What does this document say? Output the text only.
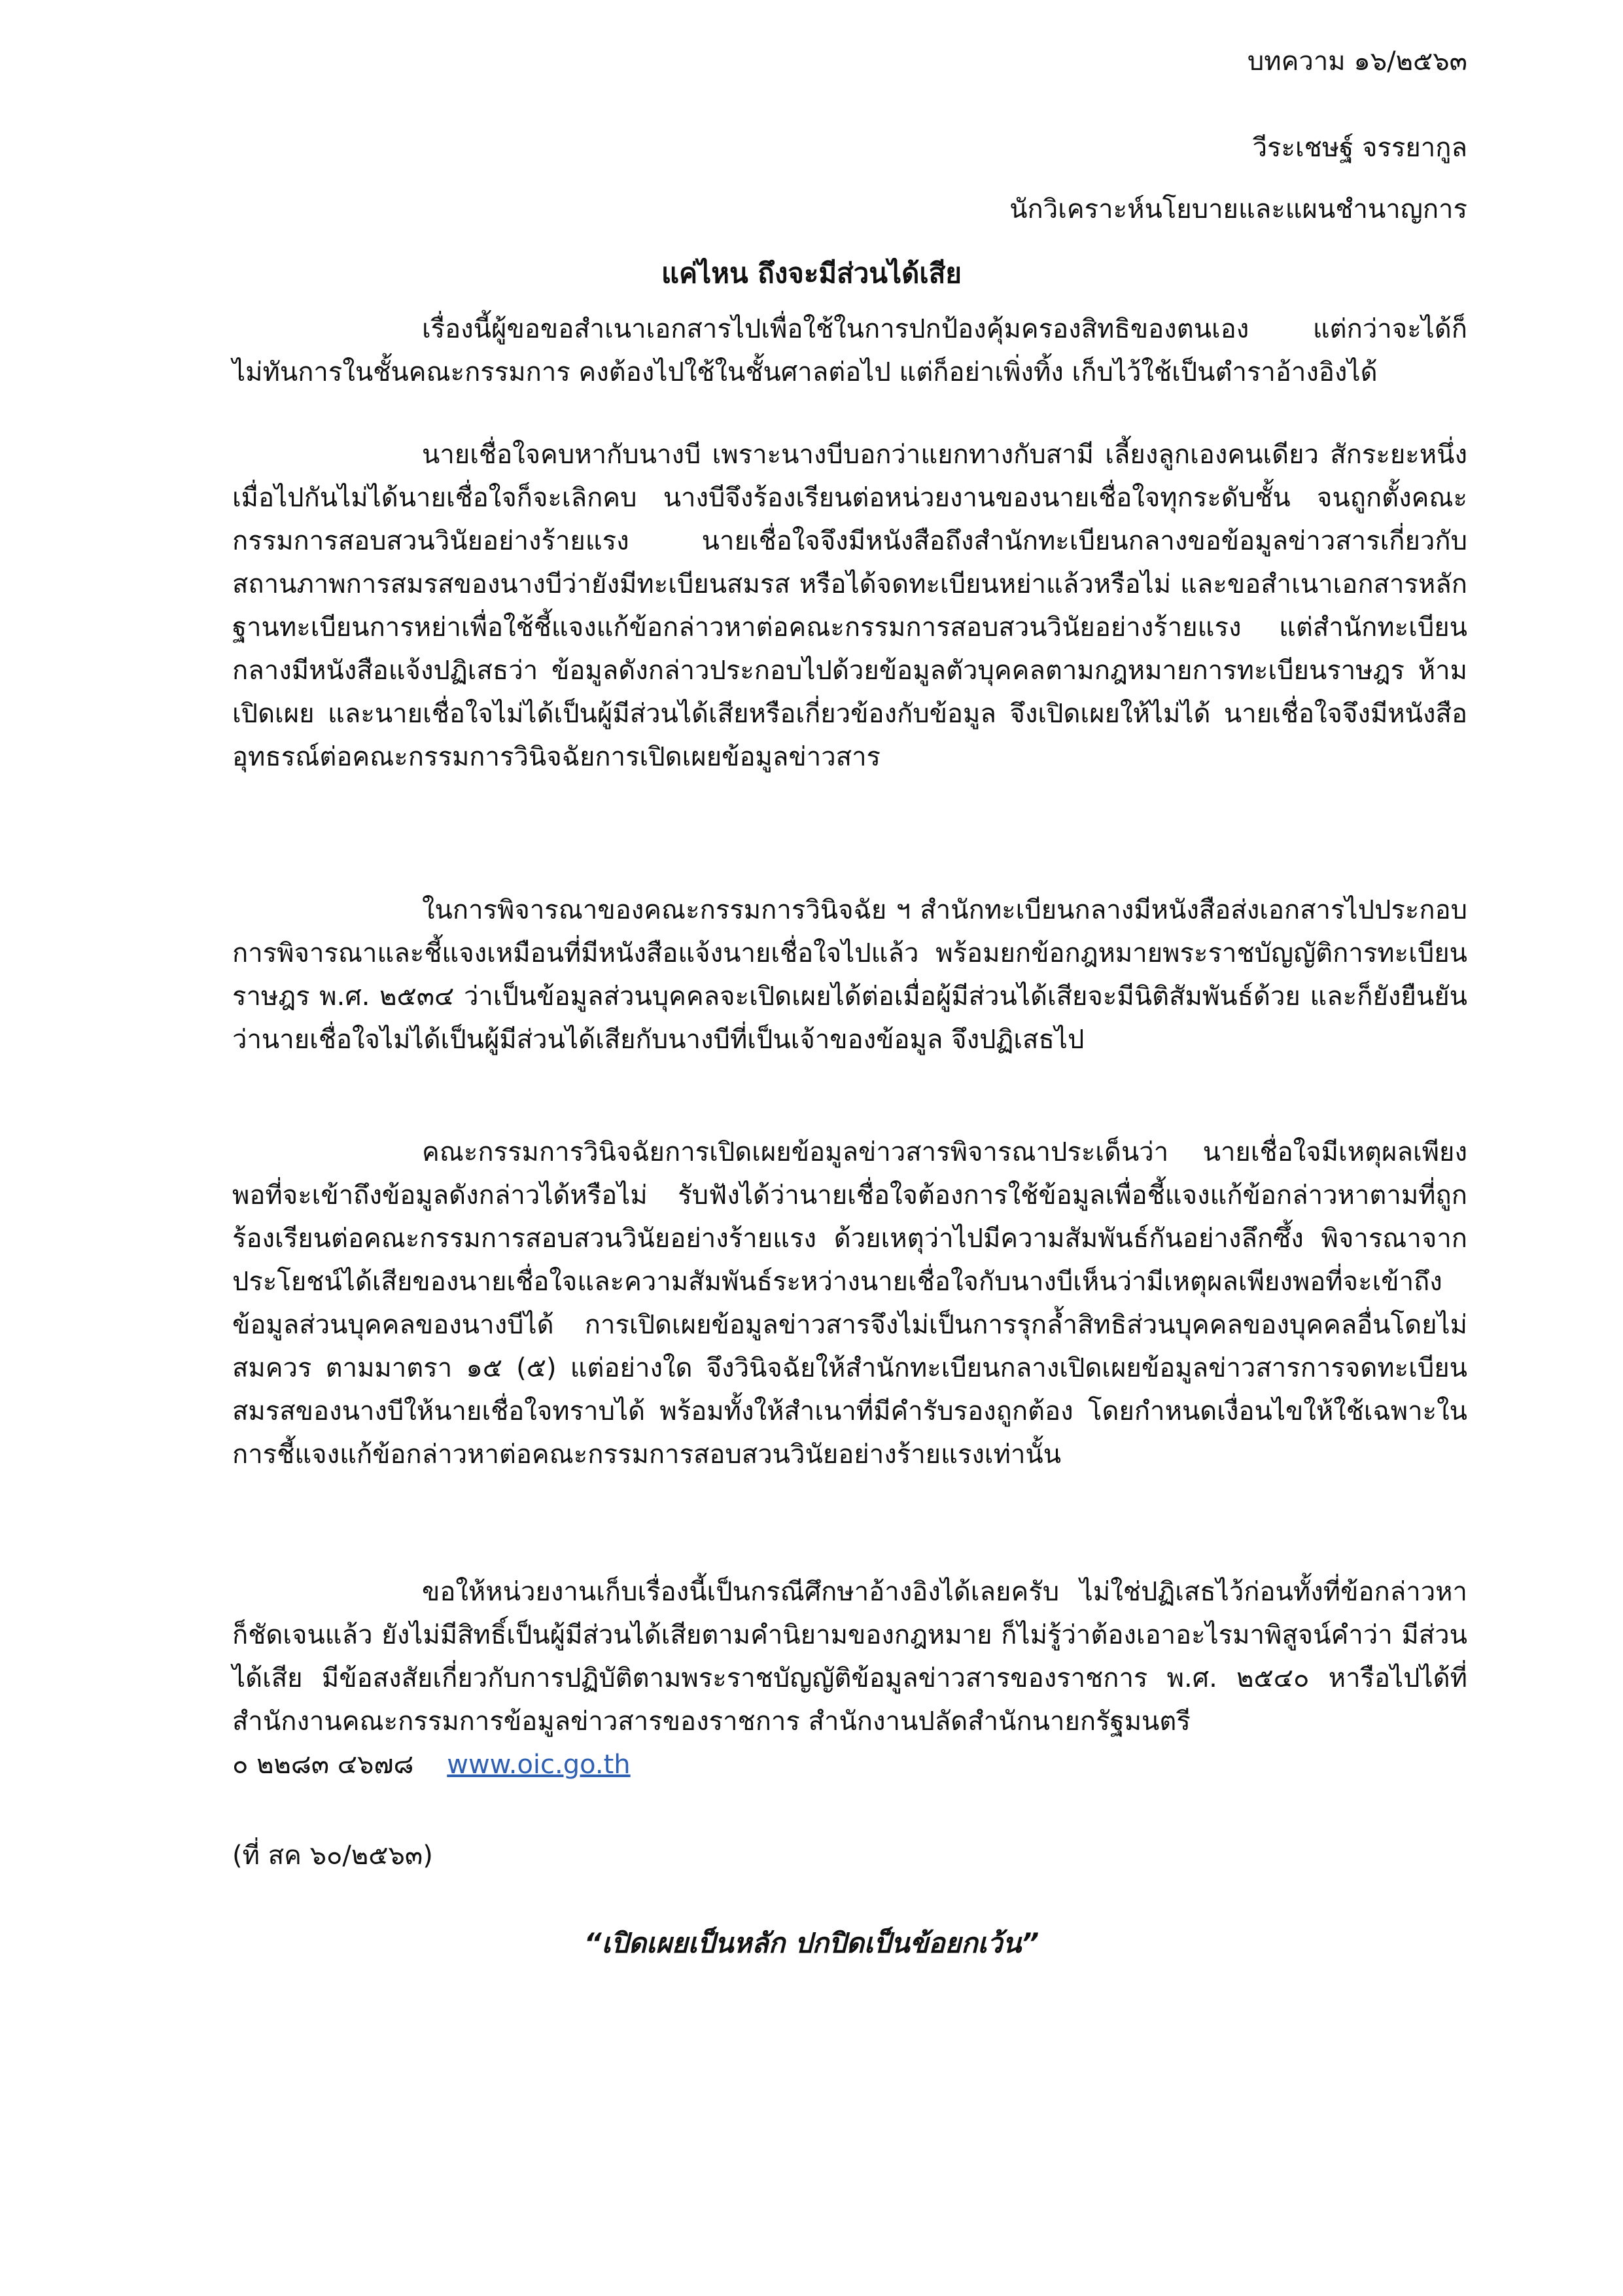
บทความ ๑๖/๒๕๖๓
วีระเชษฐ์ จรรยากูล
นักวิเคราะห์นโยบายและแผนชำนาญการ
แค่ไหน ถึงจะมีส่วนได้เสีย

เรื่องนี้ผู้ขอขอสำเนาเอกสารไปเพื่อใช้ในการปกป้องคุ้มครองสิทธิของตนเอง แต่กว่าจะได้ก็ไม่ทันการในชั้นคณะกรรมการ คงต้องไปใช้ในชั้นศาลต่อไป แต่ก็อย่าเพิ่งทิ้ง เก็บไว้ใช้เป็นตำราอ้างอิงได้

นายเชื่อใจคบหากับนางบี เพราะนางบีบอกว่าแยกทางกับสามี เลี้ยงลูกเองคนเดียว สักระยะหนึ่งเมื่อไปกันไม่ได้นายเชื่อใจก็จะเลิกคบ นางบีจึงร้องเรียนต่อหน่วยงานของนายเชื่อใจทุกระดับชั้น จนถูกตั้งคณะกรรมการสอบสวนวินัยอย่างร้ายแรง นายเชื่อใจจึงมีหนังสือถึงสำนักทะเบียนกลางขอข้อมูลข่าวสารเกี่ยวกับสถานภาพการสมรสของนางบีว่ายังมีทะเบียนสมรส หรือได้จดทะเบียนหย่าแล้วหรือไม่ และขอสำเนาเอกสารหลักฐานทะเบียนการหย่าเพื่อใช้ชี้แจงแก้ข้อกล่าวหาต่อคณะกรรมการสอบสวนวินัยอย่างร้ายแรง แต่สำนักทะเบียนกลางมีหนังสือแจ้งปฏิเสธว่า ข้อมูลดังกล่าวประกอบไปด้วยข้อมูลตัวบุคคลตามกฎหมายการทะเบียนราษฎร ห้ามเปิดเผย และนายเชื่อใจไม่ได้เป็นผู้มีส่วนได้เสียหรือเกี่ยวข้องกับข้อมูล จึงเปิดเผยให้ไม่ได้ นายเชื่อใจจึงมีหนังสืออุทธรณ์ต่อคณะกรรมการวินิจฉัยการเปิดเผยข้อมูลข่าวสาร

ในการพิจารณาของคณะกรรมการวินิจฉัย ฯ สำนักทะเบียนกลางมีหนังสือส่งเอกสารไปประกอบการพิจารณาและชี้แจงเหมือนที่มีหนังสือแจ้งนายเชื่อใจไปแล้ว พร้อมยกข้อกฎหมายพระราชบัญญัติการทะเบียนราษฎร พ.ศ. ๒๕๓๔ ว่าเป็นข้อมูลส่วนบุคคลจะเปิดเผยได้ต่อเมื่อผู้มีส่วนได้เสียจะมีนิติสัมพันธ์ด้วย และก็ยังยืนยันว่านายเชื่อใจไม่ได้เป็นผู้มีส่วนได้เสียกับนางบีที่เป็นเจ้าของข้อมูล จึงปฏิเสธไป

คณะกรรมการวินิจฉัยการเปิดเผยข้อมูลข่าวสารพิจารณาประเด็นว่า นายเชื่อใจมีเหตุผลเพียงพอที่จะเข้าถึงข้อมูลดังกล่าวได้หรือไม่ รับฟังได้ว่านายเชื่อใจต้องการใช้ข้อมูลเพื่อชี้แจงแก้ข้อกล่าวหาตามที่ถูกร้องเรียนต่อคณะกรรมการสอบสวนวินัยอย่างร้ายแรง ด้วยเหตุว่าไปมีความสัมพันธ์กันอย่างลึกซึ้ง พิจารณาจากประโยชน์ได้เสียของนายเชื่อใจและความสัมพันธ์ระหว่างนายเชื่อใจกับนางบีเห็นว่ามีเหตุผลเพียงพอที่จะเข้าถึงข้อมูลส่วนบุคคลของนางบีได้ การเปิดเผยข้อมูลข่าวสารจึงไม่เป็นการรุกล้ำสิทธิส่วนบุคคลของบุคคลอื่นโดยไม่สมควร ตามมาตรา ๑๕ (๕) แต่อย่างใด จึงวินิจฉัยให้สำนักทะเบียนกลางเปิดเผยข้อมูลข่าวสารการจดทะเบียนสมรสของนางบีให้นายเชื่อใจทราบได้ พร้อมทั้งให้สำเนาที่มีคำรับรองถูกต้อง โดยกำหนดเงื่อนไขให้ใช้เฉพาะในการชี้แจงแก้ข้อกล่าวหาต่อคณะกรรมการสอบสวนวินัยอย่างร้ายแรงเท่านั้น

ขอให้หน่วยงานเก็บเรื่องนี้เป็นกรณีศึกษาอ้างอิงได้เลยครับ ไม่ใช่ปฏิเสธไว้ก่อนทั้งที่ข้อกล่าวหาก็ชัดเจนแล้ว ยังไม่มีสิทธิ์เป็นผู้มีส่วนได้เสียตามคำนิยามของกฎหมาย ก็ไม่รู้ว่าต้องเอาอะไรมาพิสูจน์คำว่า มีส่วนได้เสีย มีข้อสงสัยเกี่ยวกับการปฏิบัติตามพระราชบัญญัติข้อมูลข่าวสารของราชการ พ.ศ. ๒๕๔๐ หารือไปได้ที่สำนักงานคณะกรรมการข้อมูลข่าวสารของราชการ สำนักงานปลัดสำนักนายกรัฐมนตรี
๐ ๒๒๘๓ ๔๖๗๘ www.oic.go.th

(ที่ สค ๖๐/๒๕๖๓)
“เปิดเผยเป็นหลัก ปกปิดเป็นข้อยกเว้น”
